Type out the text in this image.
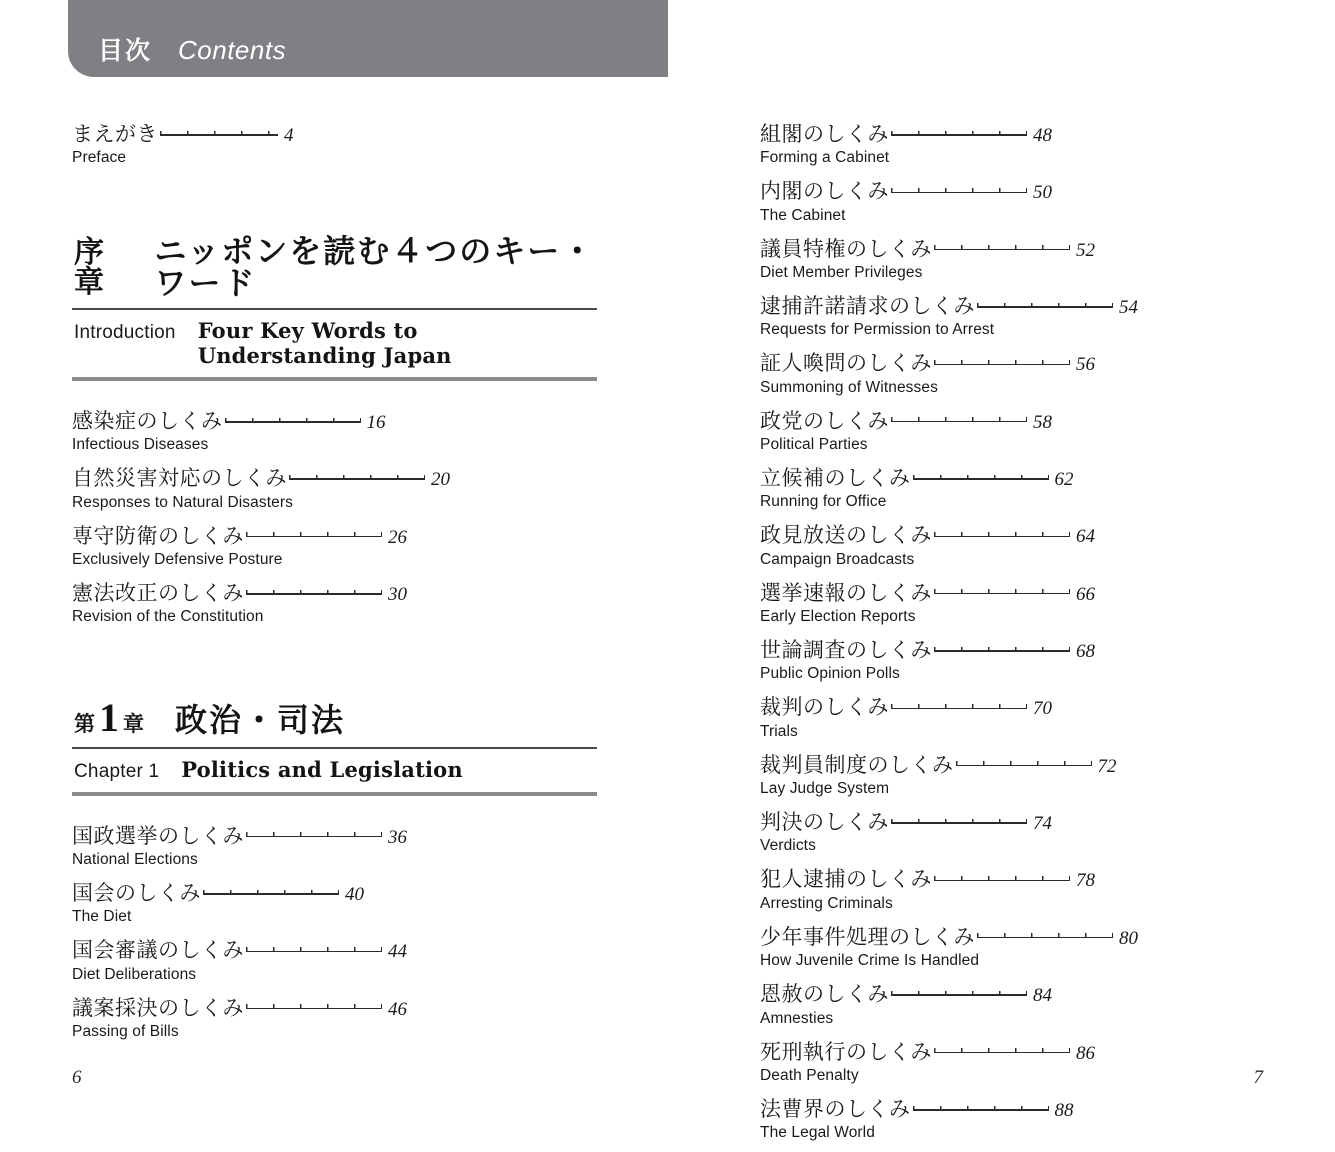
目次 Contents
まえがき	4
Preface
序章
ニッポンを読む４つのキー・ワード
Introduction Four Key Words to Understanding Japan
感染症のしくみ	16
Infectious Diseases
自然災害対応のしくみ	20
Responses to Natural Disasters
専守防衛のしくみ	26
Exclusively Defensive Posture
憲法改正のしくみ	30
Revision of the Constitution
第 1 章 政治・司法
Chapter 1 Politics and Legislation
国政選挙のしくみ	36
National Elections
国会のしくみ	40
The Diet
国会審議のしくみ	44
Diet Deliberations
議案採決のしくみ	46
Passing of Bills
組閣のしくみ	48
Forming a Cabinet
内閣のしくみ	50
The Cabinet
議員特権のしくみ	52
Diet Member Privileges
逮捕許諾請求のしくみ	54
Requests for Permission to Arrest
証人喚問のしくみ	56
Summoning of Witnesses
政党のしくみ	58
Political Parties
立候補のしくみ	62
Running for Office
政見放送のしくみ	64
Campaign Broadcasts
選挙速報のしくみ	66
Early Election Reports
世論調査のしくみ	68
Public Opinion Polls
裁判のしくみ	70
Trials
裁判員制度のしくみ	72
Lay Judge System
判決のしくみ	74
Verdicts
犯人逮捕のしくみ	78
Arresting Criminals
少年事件処理のしくみ	80
How Juvenile Crime Is Handled
恩赦のしくみ	84
Amnesties
死刑執行のしくみ	86
Death Penalty
法曹界のしくみ	88
The Legal World
6	7
